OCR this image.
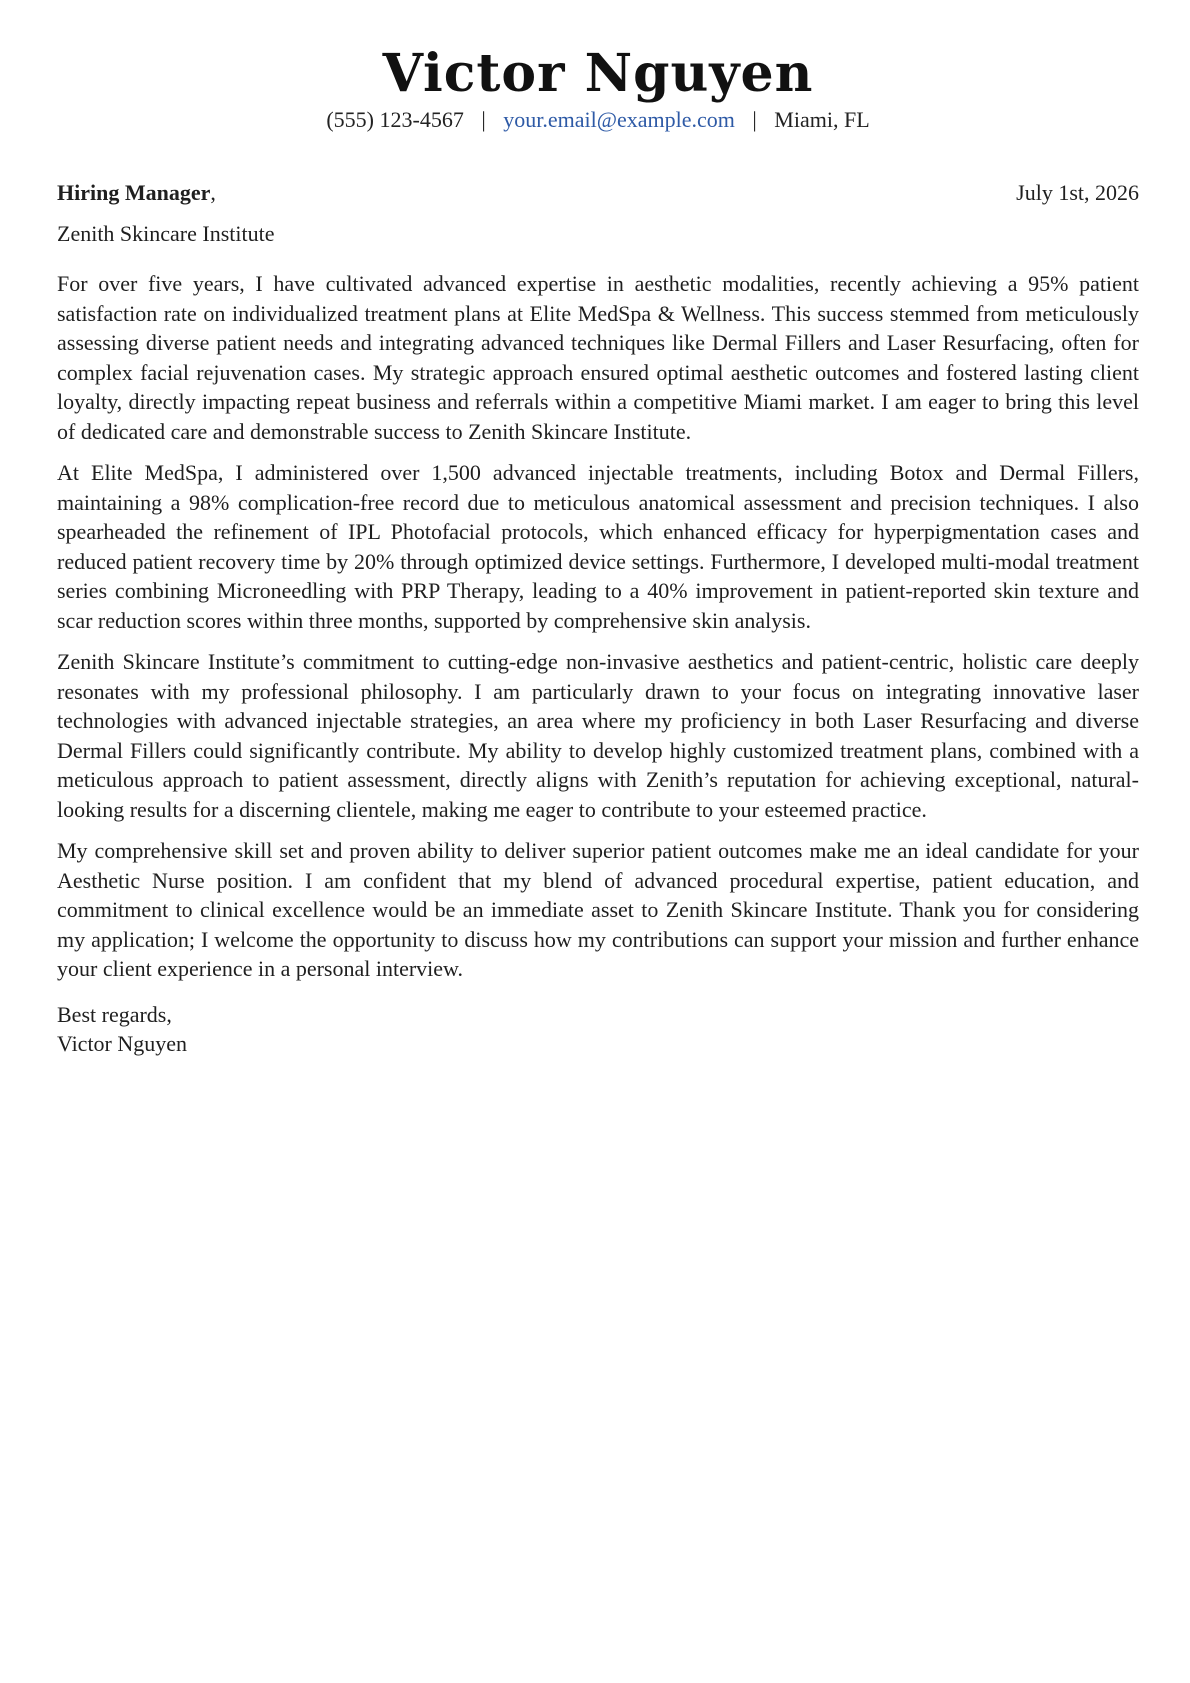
Victor Nguyen
(555) 123-4567 | your.email@example.com | Miami, FL
Hiring Manager,	July 1st, 2026
Zenith Skincare Institute

For over five years, I have cultivated advanced expertise in aesthetic modalities, recently achieving a 95% patient satisfaction rate on individualized treatment plans at Elite MedSpa & Wellness. This success stemmed from meticulously assessing diverse patient needs and integrating advanced techniques like Dermal Fillers and Laser Resurfacing, often for complex facial rejuvenation cases. My strategic approach ensured optimal aesthetic outcomes and fostered lasting client loyalty, directly impacting repeat business and referrals within a competitive Miami market. I am eager to bring this level of dedicated care and demonstrable success to Zenith Skincare Institute.

At Elite MedSpa, I administered over 1,500 advanced injectable treatments, including Botox and Dermal Fillers, maintaining a 98% complication-free record due to meticulous anatomical assessment and precision techniques. I also spearheaded the refinement of IPL Photofacial protocols, which enhanced efficacy for hyperpigmentation cases and reduced patient recovery time by 20% through optimized device settings. Furthermore, I developed multi-modal treatment series combining Microneedling with PRP Therapy, leading to a 40% improvement in patient-reported skin texture and scar reduction scores within three months, supported by comprehensive skin analysis.

Zenith Skincare Institute’s commitment to cutting-edge non-invasive aesthetics and patient-centric, holistic care deeply resonates with my professional philosophy. I am particularly drawn to your focus on integrating innovative laser technologies with advanced injectable strategies, an area where my proficiency in both Laser Resurfacing and diverse Dermal Fillers could significantly contribute. My ability to develop highly customized treatment plans, combined with a meticulous approach to patient assessment, directly aligns with Zenith’s reputation for achieving exceptional, natural-looking results for a discerning clientele, making me eager to contribute to your esteemed practice.

My comprehensive skill set and proven ability to deliver superior patient outcomes make me an ideal candidate for your Aesthetic Nurse position. I am confident that my blend of advanced procedural expertise, patient education, and commitment to clinical excellence would be an immediate asset to Zenith Skincare Institute. Thank you for considering my application; I welcome the opportunity to discuss how my contributions can support your mission and further enhance your client experience in a personal interview.

Best regards,
Victor Nguyen
